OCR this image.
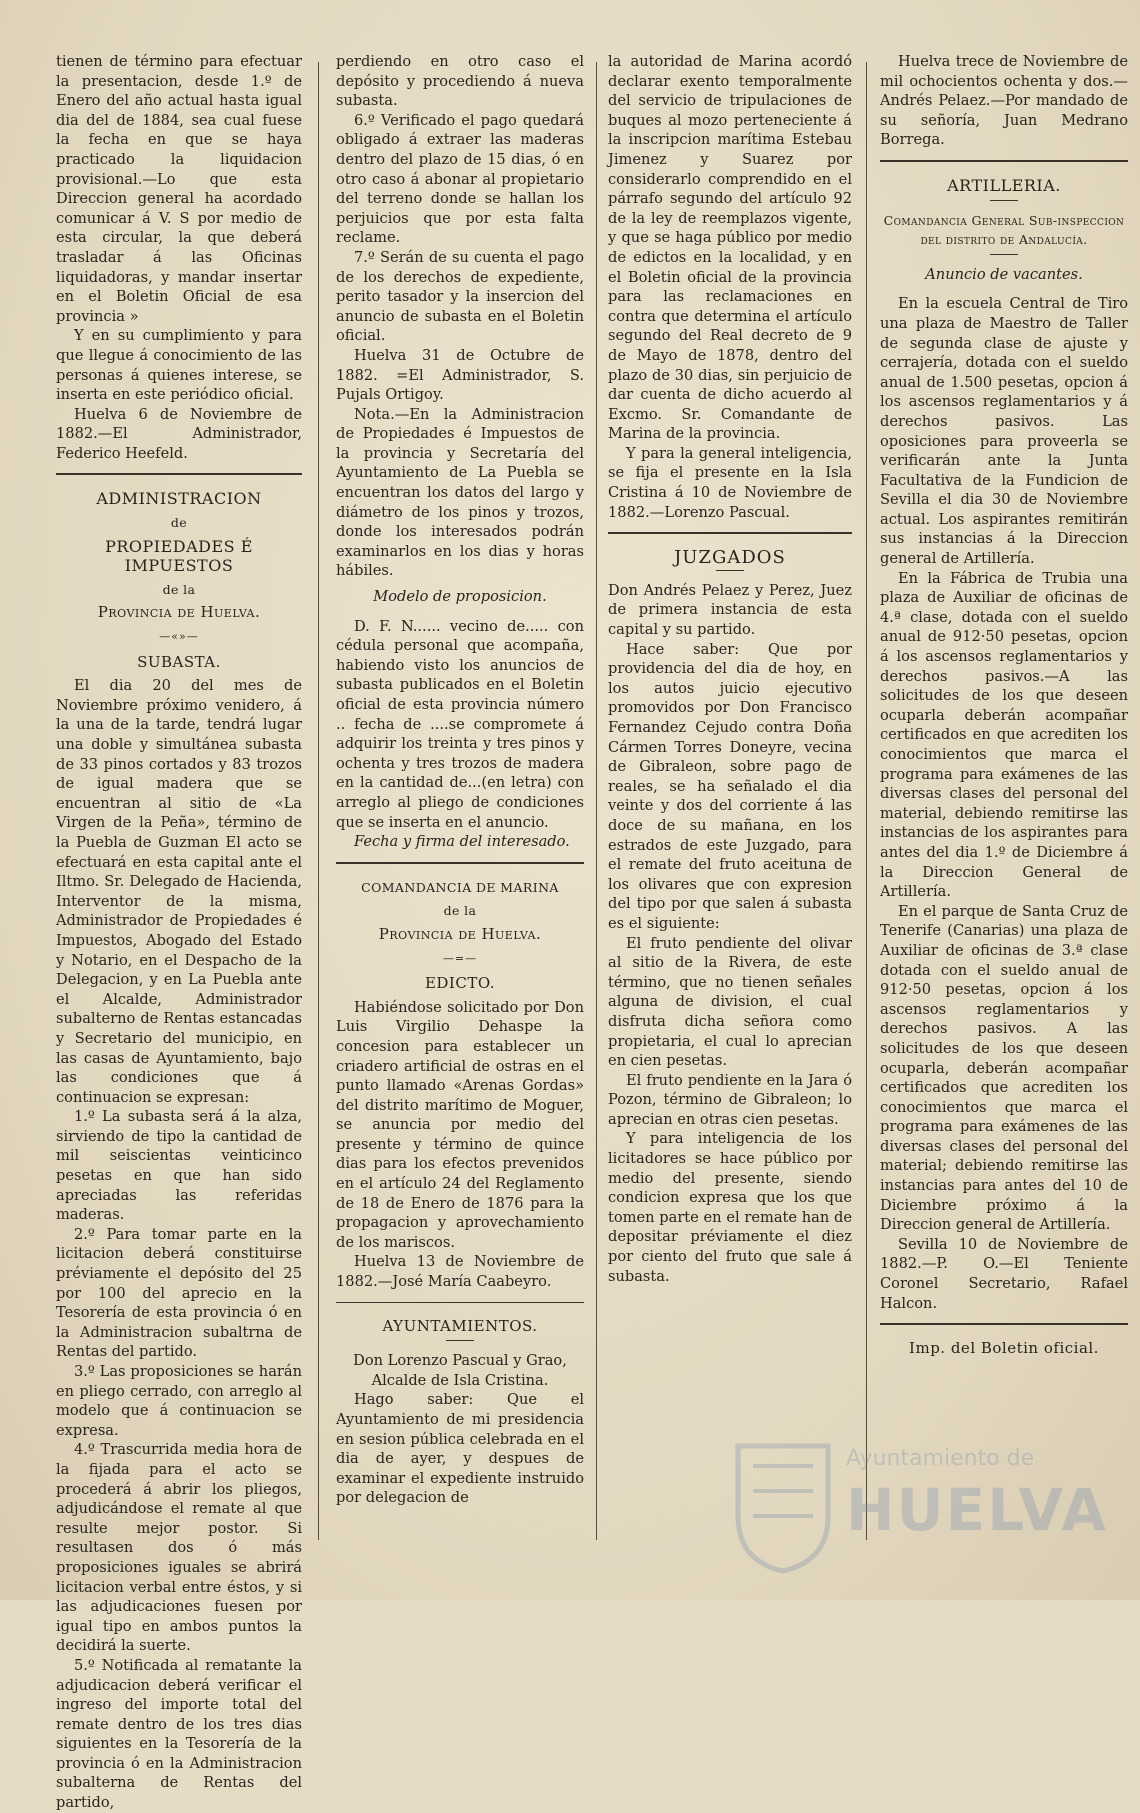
tienen de término para efectuar la presentacion, desde 1.º de Enero del año actual hasta igual dia del de 1884, sea cual fuese la fecha en que se haya practicado la liquidacion provisional.—Lo que esta Direccion general ha acordado comunicar á V. S por medio de esta circular, la que deberá trasladar á las Oficinas liquidadoras, y mandar insertar en el Boletin Oficial de esa provincia »

Y en su cumplimiento y para que llegue á conocimiento de las personas á quienes interese, se inserta en este periódico oficial.

Huelva 6 de Noviembre de 1882.—El Administrador, Federico Heefeld.

ADMINISTRACION
de
PROPIEDADES É IMPUESTOS
de la
Provincia de Huelva.
—«»—
SUBASTA.

El dia 20 del mes de Noviembre próximo venidero, á la una de la tarde, tendrá lugar una doble y simultánea subasta de 33 pinos cortados y 83 trozos de igual madera que se encuentran al sitio de «La Virgen de la Peña», término de la Puebla de Guzman El acto se efectuará en esta capital ante el Iltmo. Sr. Delegado de Hacienda, Interventor de la misma, Administrador de Propiedades é Impuestos, Abogado del Estado y Notario, en el Despacho de la Delegacion, y en La Puebla ante el Alcalde, Administrador subalterno de Rentas estancadas y Secretario del municipio, en las casas de Ayuntamiento, bajo las condiciones que á continuacion se expresan:

1.º La subasta será á la alza, sirviendo de tipo la cantidad de mil seiscientas veinticinco pesetas en que han sido apreciadas las referidas maderas.

2.º Para tomar parte en la licitacion deberá constituirse préviamente el depósito del 25 por 100 del aprecio en la Tesorería de esta provincia ó en la Administracion subaltrna de Rentas del partido.

3.º Las proposiciones se harán en pliego cerrado, con arreglo al modelo que á continuacion se expresa.

4.º Trascurrida media hora de la fijada para el acto se procederá á abrir los pliegos, adjudicándose el remate al que resulte mejor postor. Si resultasen dos ó más proposiciones iguales se abrirá licitacion verbal entre éstos, y si las adjudicaciones fuesen por igual tipo en ambos puntos la decidirá la suerte.

5.º Notificada al rematante la adjudicacion deberá verificar el ingreso del importe total del remate dentro de los tres dias siguientes en la Tesorería de la provincia ó en la Administracion subalterna de Rentas del partido,

perdiendo en otro caso el depósito y procediendo á nueva subasta.

6.º Verificado el pago quedará obligado á extraer las maderas dentro del plazo de 15 dias, ó en otro caso á abonar al propietario del terreno donde se hallan los perjuicios que por esta falta reclame.

7.º Serán de su cuenta el pago de los derechos de expediente, perito tasador y la insercion del anuncio de subasta en el Boletin oficial.

Huelva 31 de Octubre de 1882. =El Administrador, S. Pujals Ortigoy.

Nota.—En la Administracion de Propiedades é Impuestos de la provincia y Secretaría del Ayuntamiento de La Puebla se encuentran los datos del largo y diámetro de los pinos y trozos, donde los interesados podrán examinarlos en los dias y horas hábiles.

Modelo de proposicion.

D. F. N...... vecino de..... con cédula personal que acompaña, habiendo visto los anuncios de subasta publicados en el Boletin oficial de esta provincia número .. fecha de ....se compromete á adquirir los treinta y tres pinos y ochenta y tres trozos de madera en la cantidad de...(en letra) con arreglo al pliego de condiciones que se inserta en el anuncio.

Fecha y firma del interesado.

COMANDANCIA DE MARINA
de la
Provincia de Huelva.
—=—
EDICTO.

Habiéndose solicitado por Don Luis Virgilio Dehaspe la concesion para establecer un criadero artificial de ostras en el punto llamado «Arenas Gordas» del distrito marítimo de Moguer, se anuncia por medio del presente y término de quince dias para los efectos prevenidos en el artículo 24 del Reglamento de 18 de Enero de 1876 para la propagacion y aprovechamiento de los mariscos.

Huelva 13 de Noviembre de 1882.—José María Caabeyro.

AYUNTAMIENTOS.

Don Lorenzo Pascual y Grao, Alcalde de Isla Cristina.

Hago saber: Que el Ayuntamiento de mi presidencia en sesion pública celebrada en el dia de ayer, y despues de examinar el expediente instruido por delegacion de

la autoridad de Marina acordó declarar exento temporalmente del servicio de tripulaciones de buques al mozo perteneciente á la inscripcion marítima Estebau Jimenez y Suarez por considerarlo comprendido en el párrafo segundo del artículo 92 de la ley de reemplazos vigente, y que se haga público por medio de edictos en la localidad, y en el Boletin oficial de la provincia para las reclamaciones en contra que determina el artículo segundo del Real decreto de 9 de Mayo de 1878, dentro del plazo de 30 dias, sin perjuicio de dar cuenta de dicho acuerdo al Excmo. Sr. Comandante de Marina de la provincia.

Y para la general inteligencia, se fija el presente en la Isla Cristina á 10 de Noviembre de 1882.—Lorenzo Pascual.

JUZGADOS

Don Andrés Pelaez y Perez, Juez de primera instancia de esta capital y su partido.

Hace saber: Que por providencia del dia de hoy, en los autos juicio ejecutivo promovidos por Don Francisco Fernandez Cejudo contra Doña Cármen Torres Doneyre, vecina de Gibraleon, sobre pago de reales, se ha señalado el dia veinte y dos del corriente á las doce de su mañana, en los estrados de este Juzgado, para el remate del fruto aceituna de los olivares que con expresion del tipo por que salen á subasta es el siguiente:

El fruto pendiente del olivar al sitio de la Rivera, de este término, que no tienen señales alguna de division, el cual disfruta dicha señora como propietaria, el cual lo aprecian en cien pesetas.

El fruto pendiente en la Jara ó Pozon, término de Gibraleon; lo aprecian en otras cien pesetas.

Y para inteligencia de los licitadores se hace público por medio del presente, siendo condicion expresa que los que tomen parte en el remate han de depositar préviamente el diez por ciento del fruto que sale á subasta.

Huelva trece de Noviembre de mil ochocientos ochenta y dos.—Andrés Pelaez.—Por mandado de su señoría, Juan Medrano Borrega.

ARTILLERIA.
Comandancia General Sub-inspeccion del distrito de Andalucía.
Anuncio de vacantes.

En la escuela Central de Tiro una plaza de Maestro de Taller de segunda clase de ajuste y cerrajería, dotada con el sueldo anual de 1.500 pesetas, opcion á los ascensos reglamentarios y á derechos pasivos. Las oposiciones para proveerla se verificarán ante la Junta Facultativa de la Fundicion de Sevilla el dia 30 de Noviembre actual. Los aspirantes remitirán sus instancias á la Direccion general de Artillería.

En la Fábrica de Trubia una plaza de Auxiliar de oficinas de 4.ª clase, dotada con el sueldo anual de 912·50 pesetas, opcion á los ascensos reglamentarios y derechos pasivos.—A las solicitudes de los que deseen ocuparla deberán acompañar certificados en que acrediten los conocimientos que marca el programa para exámenes de las diversas clases del personal del material, debiendo remitirse las instancias de los aspirantes para antes del dia 1.º de Diciembre á la Direccion General de Artillería.

En el parque de Santa Cruz de Tenerife (Canarias) una plaza de Auxiliar de oficinas de 3.ª clase dotada con el sueldo anual de 912·50 pesetas, opcion á los ascensos reglamentarios y derechos pasivos. A las solicitudes de los que deseen ocuparla, deberán acompañar certificados que acrediten los conocimientos que marca el programa para exámenes de las diversas clases del personal del material; debiendo remitirse las instancias para antes del 10 de Diciembre próximo á la Direccion general de Artillería.

Sevilla 10 de Noviembre de 1882.—P. O.—El Teniente Coronel Secretario, Rafael Halcon.

Imp. del Boletin oficial.
Ayuntamiento de
HUELVA
